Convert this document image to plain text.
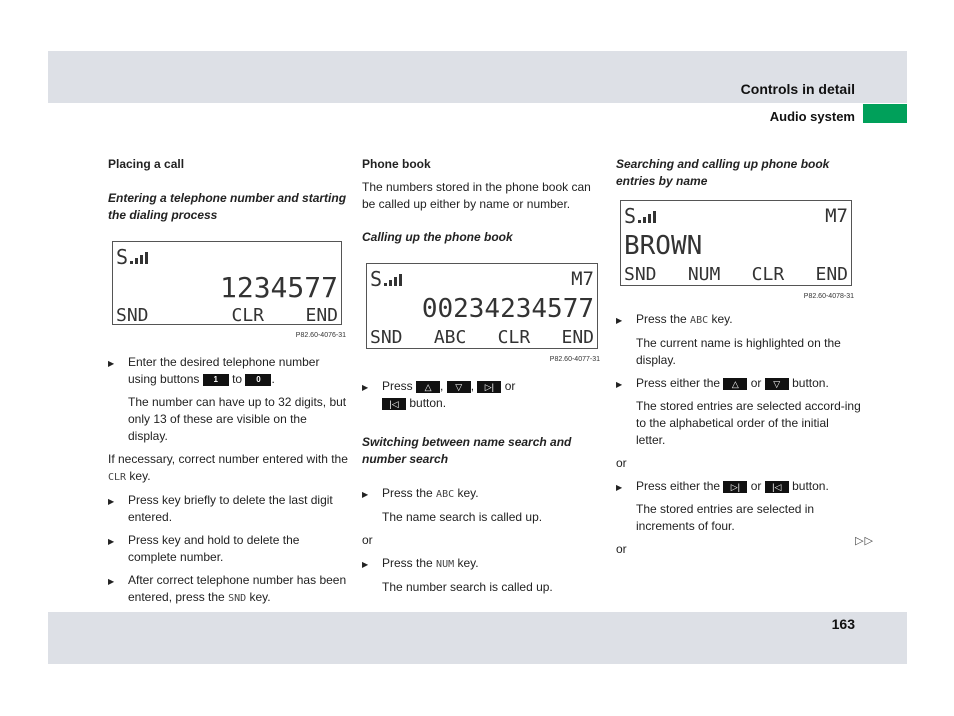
Controls in detail
Audio system
Placing a call
Entering a telephone number and starting the dialing process
S
1234577
SND	CLR END
P82.60-4076-31
▶ Enter the desired telephone number using buttons 1 to 0 .
The number can have up to 32 digits, but only 13 of these are visible on the display.

If necessary, correct number entered with the CLR key.

▶ Press key briefly to delete the last digit entered.
▶ Press key and hold to delete the complete number.
▶ After correct telephone number has been entered, press the SND key.
Phone book

The numbers stored in the phone book can be called up either by name or number.

Calling up the phone book
S	M7
00234234577
SND ABC CLR END
P82.60-4077-31
▶ Press △ , ▽ , ▷| or
|◁ button.
Switching between name search and number search
▶ Press the ABC key.
The name search is called up.

or

▶ Press the NUM key.
The number search is called up.
Searching and calling up phone book entries by name
S	M7
BROWN
SND NUM CLR END
P82.60-4078-31
▶ Press the ABC key.
The current name is highlighted on the display.
▶ Press either the △ or ▽ button.
The stored entries are selected accord-ing to the alphabetical order of the initial letter.

or

▶ Press either the ▷| or |◁ button.
The stored entries are selected in increments of four.

or

▷▷
163
